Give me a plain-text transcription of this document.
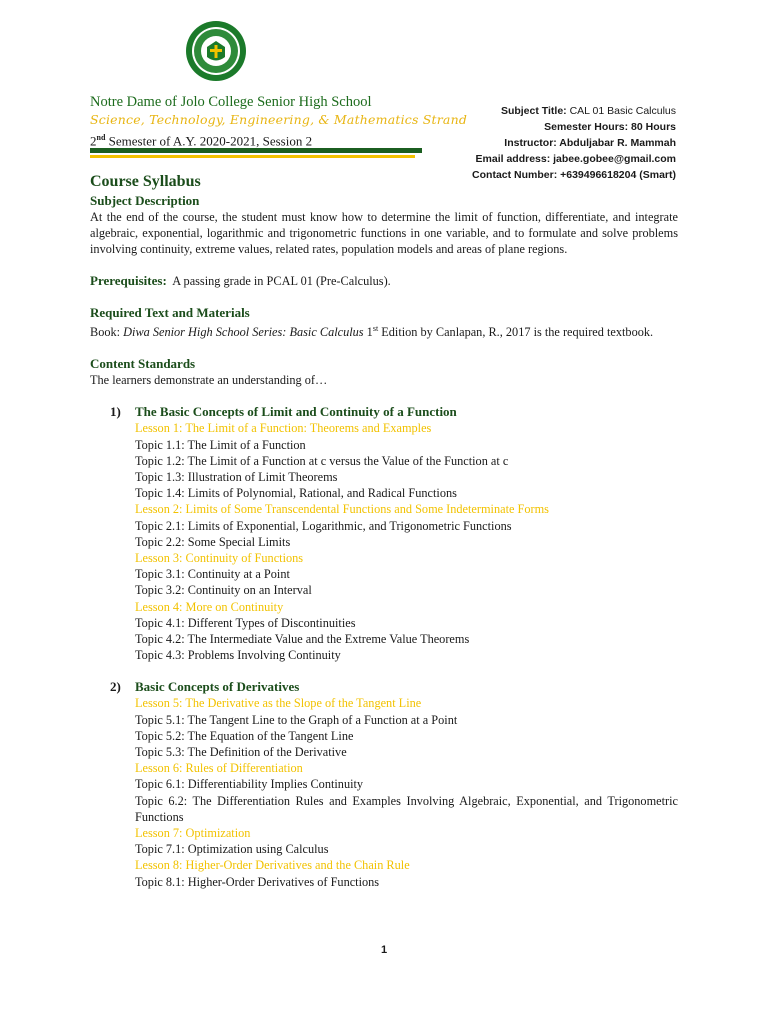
Notre Dame of Jolo College Senior High School
Science, Technology, Engineering, & Mathematics Strand
2nd Semester of A.Y. 2020-2021, Session 2
Subject Title: CAL 01 Basic Calculus
Semester Hours: 80 Hours
Instructor: Abduljabar R. Mammah
Email address: jabee.gobee@gmail.com
Contact Number: +639496618204 (Smart)
Course Syllabus
Subject Description

At the end of the course, the student must know how to determine the limit of function, differentiate, and integrate algebraic, exponential, logarithmic and trigonometric functions in one variable, and to formulate and solve problems involving continuity, extreme values, related rates, population models and areas of plane regions.

Prerequisites: A passing grade in PCAL 01 (Pre-Calculus).

Required Text and Materials

Book: Diwa Senior High School Series: Basic Calculus 1st Edition by Canlapan, R., 2017 is the required textbook.

Content Standards

The learners demonstrate an understanding of…

1) The Basic Concepts of Limit and Continuity of a Function
Lesson 1: The Limit of a Function: Theorems and Examples
Topic 1.1: The Limit of a Function
Topic 1.2: The Limit of a Function at c versus the Value of the Function at c
Topic 1.3: Illustration of Limit Theorems
Topic 1.4: Limits of Polynomial, Rational, and Radical Functions
Lesson 2: Limits of Some Transcendental Functions and Some Indeterminate Forms
Topic 2.1: Limits of Exponential, Logarithmic, and Trigonometric Functions
Topic 2.2: Some Special Limits
Lesson 3: Continuity of Functions
Topic 3.1: Continuity at a Point
Topic 3.2: Continuity on an Interval
Lesson 4: More on Continuity
Topic 4.1: Different Types of Discontinuities
Topic 4.2: The Intermediate Value and the Extreme Value Theorems
Topic 4.3: Problems Involving Continuity
2) Basic Concepts of Derivatives
Lesson 5: The Derivative as the Slope of the Tangent Line
Topic 5.1: The Tangent Line to the Graph of a Function at a Point
Topic 5.2: The Equation of the Tangent Line
Topic 5.3: The Definition of the Derivative
Lesson 6: Rules of Differentiation
Topic 6.1: Differentiability Implies Continuity
Topic 6.2: The Differentiation Rules and Examples Involving Algebraic, Exponential, and Trigonometric Functions
Lesson 7: Optimization
Topic 7.1: Optimization using Calculus
Lesson 8: Higher-Order Derivatives and the Chain Rule
Topic 8.1: Higher-Order Derivatives of Functions
1
